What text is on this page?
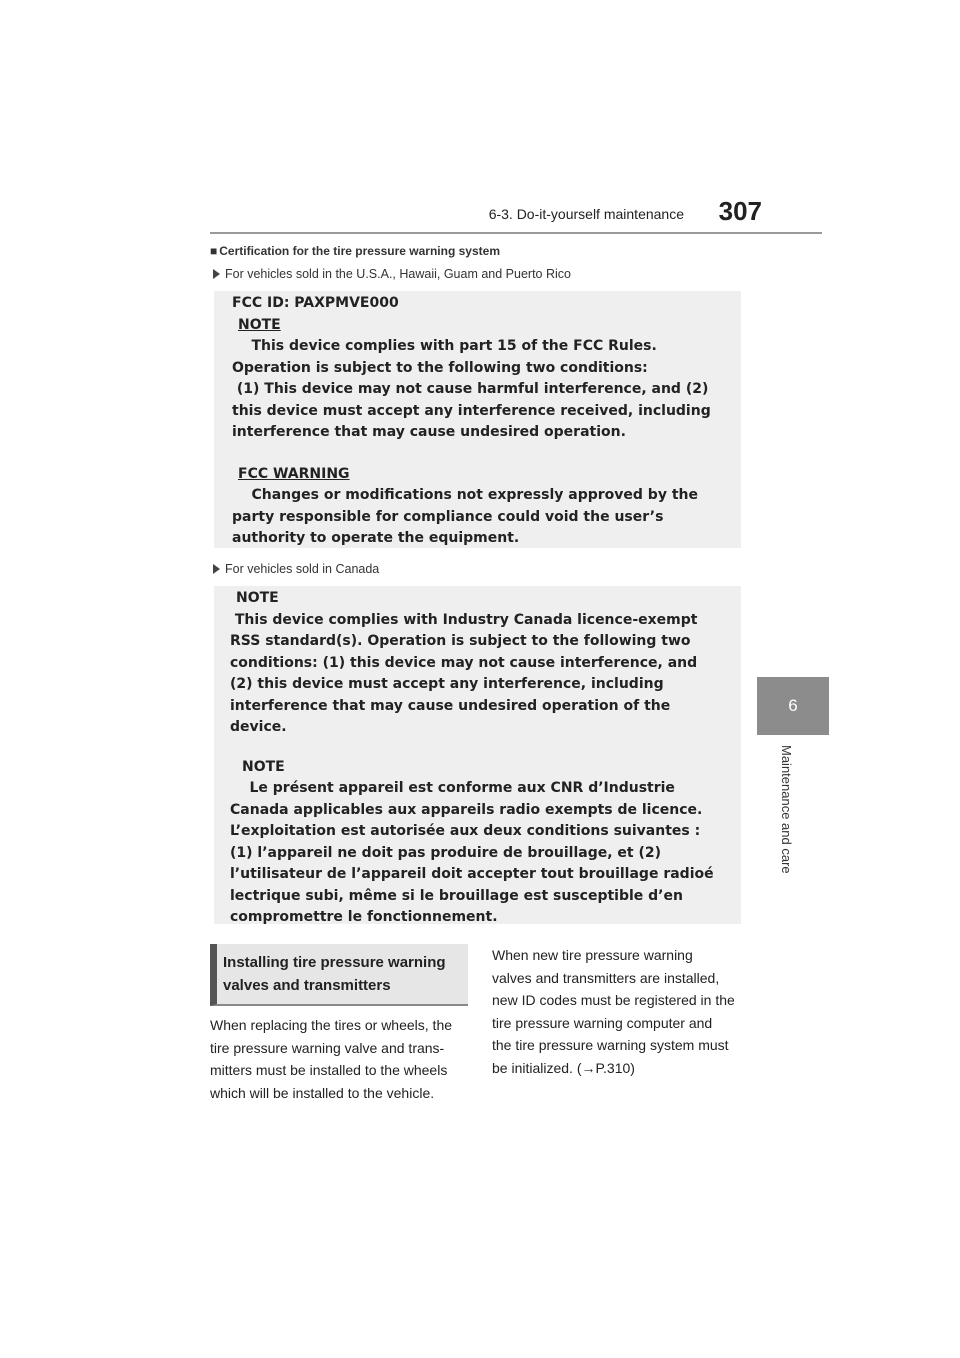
6-3. Do-it-yourself maintenance 307
6
Maintenance and care
■ Certification for the tire pressure warning system
For vehicles sold in the U.S.A., Hawaii, Guam and Puerto Rico

FCC ID: PAXPMVE000

NOTE

This device complies with part 15 of the FCC Rules.

Operation is subject to the following two conditions:

(1) This device may not cause harmful interference, and (2)

this device must accept any interference received, including

interference that may cause undesired operation.

FCC WARNING

Changes or modifications not expressly approved by the

party responsible for compliance could void the user’s

authority to operate the equipment.

For vehicles sold in Canada

NOTE

This device complies with Industry Canada licence-exempt

RSS standard(s). Operation is subject to the following two

conditions: (1) this device may not cause interference, and

(2) this device must accept any interference, including

interference that may cause undesired operation of the

device.

NOTE

Le présent appareil est conforme aux CNR d’Industrie

Canada applicables aux appareils radio exempts de licence.

L’exploitation est autorisée aux deux conditions suivantes :

(1) l’appareil ne doit pas produire de brouillage, et (2)

l’utilisateur de l’appareil doit accepter tout brouillage radioé

lectrique subi, même si le brouillage est susceptible d’en

compromettre le fonctionnement.

Installing tire pressure warning

valves and transmitters

When replacing the tires or wheels, the

tire pressure warning valve and trans-

mitters must be installed to the wheels

which will be installed to the vehicle.

When new tire pressure warning

valves and transmitters are installed,

new ID codes must be registered in the

tire pressure warning computer and

the tire pressure warning system must

be initialized. (→P.310)
